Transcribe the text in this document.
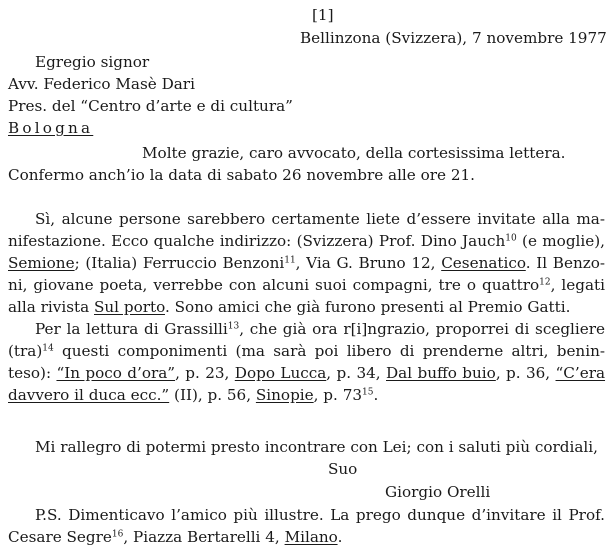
[1]
Bellinzona (Svizzera), 7 novembre 1977
Egregio signor
Avv. Federico Masè Dari
Pres. del “Centro d’arte e di cultura”
Bologna
Molte grazie, caro avvocato, della cortesissima lettera.
Confermo anch’io la data di sabato 26 novembre alle ore 21.
Sì, alcune persone sarebbero certamente liete d’essere invitate alla ma-
nifestazione. Ecco qualche indirizzo: (Svizzera) Prof. Dino Jauch$^{10}$ (e moglie),
Semione; (Italia) Ferruccio Benzoni$^{11}$, Via G. Bruno 12, Cesenatico. Il Benzo-
ni, giovane poeta, verrebbe con alcuni suoi compagni, tre o quattro$^{12}$, legati
alla rivista Sul porto. Sono amici che già furono presenti al Premio Gatti.
Per la lettura di Grassilli$^{13}$, che già ora r[i]ngrazio, proporrei di scegliere
(tra)$^{14}$ questi componimenti (ma sarà poi libero di prenderne altri, benin-
teso): “In poco d’ora”, p. 23, Dopo Lucca, p. 34, Dal buffo buio, p. 36, “C’era
davvero il duca ecc.” (II), p. 56, Sinopie, p. $73^{15}$.
Mi rallegro di potermi presto incontrare con Lei; con i saluti più cordiali,
Suo
Giorgio Orelli
P.S. Dimenticavo l’amico più illustre. La prego dunque d’invitare il Prof.
Cesare Segre$^{16}$, Piazza Bertarelli 4, Milano.
